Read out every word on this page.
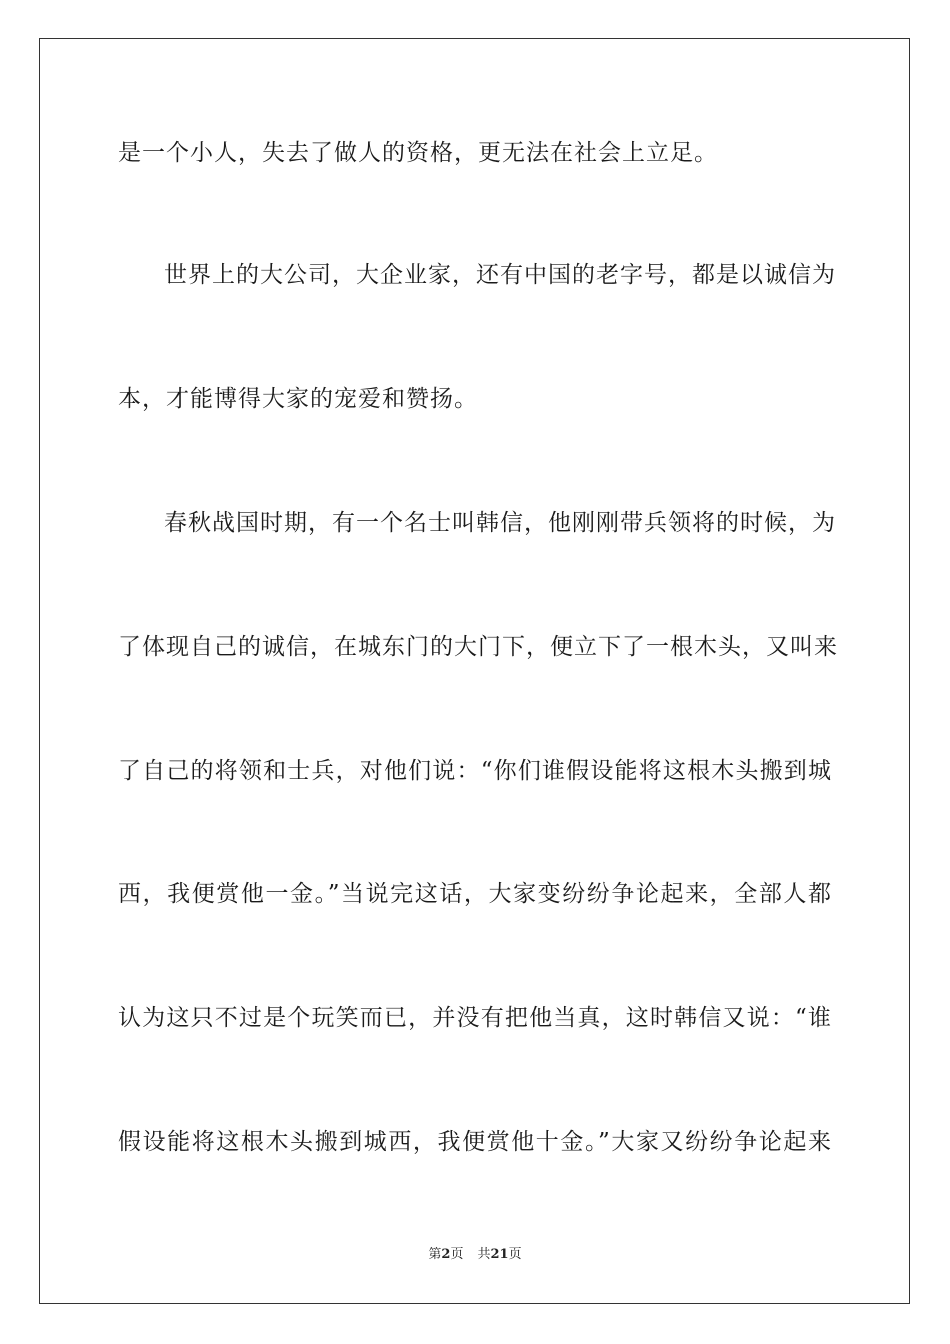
是一个小人，失去了做人的资格，更无法在社会上立足。
世界上的大公司，大企业家，还有中国的老字号，都是以诚信为
本，才能博得大家的宠爱和赞扬。
春秋战国时期，有一个名士叫韩信，他刚刚带兵领将的时候，为
了体现自己的诚信，在城东门的大门下，便立下了一根木头，又叫来
了自己的将领和士兵，对他们说：“你们谁假设能将这根木头搬到城
西，我便赏他一金。”当说完这话，大家变纷纷争论起来，全部人都
认为这只不过是个玩笑而已，并没有把他当真，这时韩信又说：“谁
假设能将这根木头搬到城西，我便赏他十金。”大家又纷纷争论起来
第2页 共21页
